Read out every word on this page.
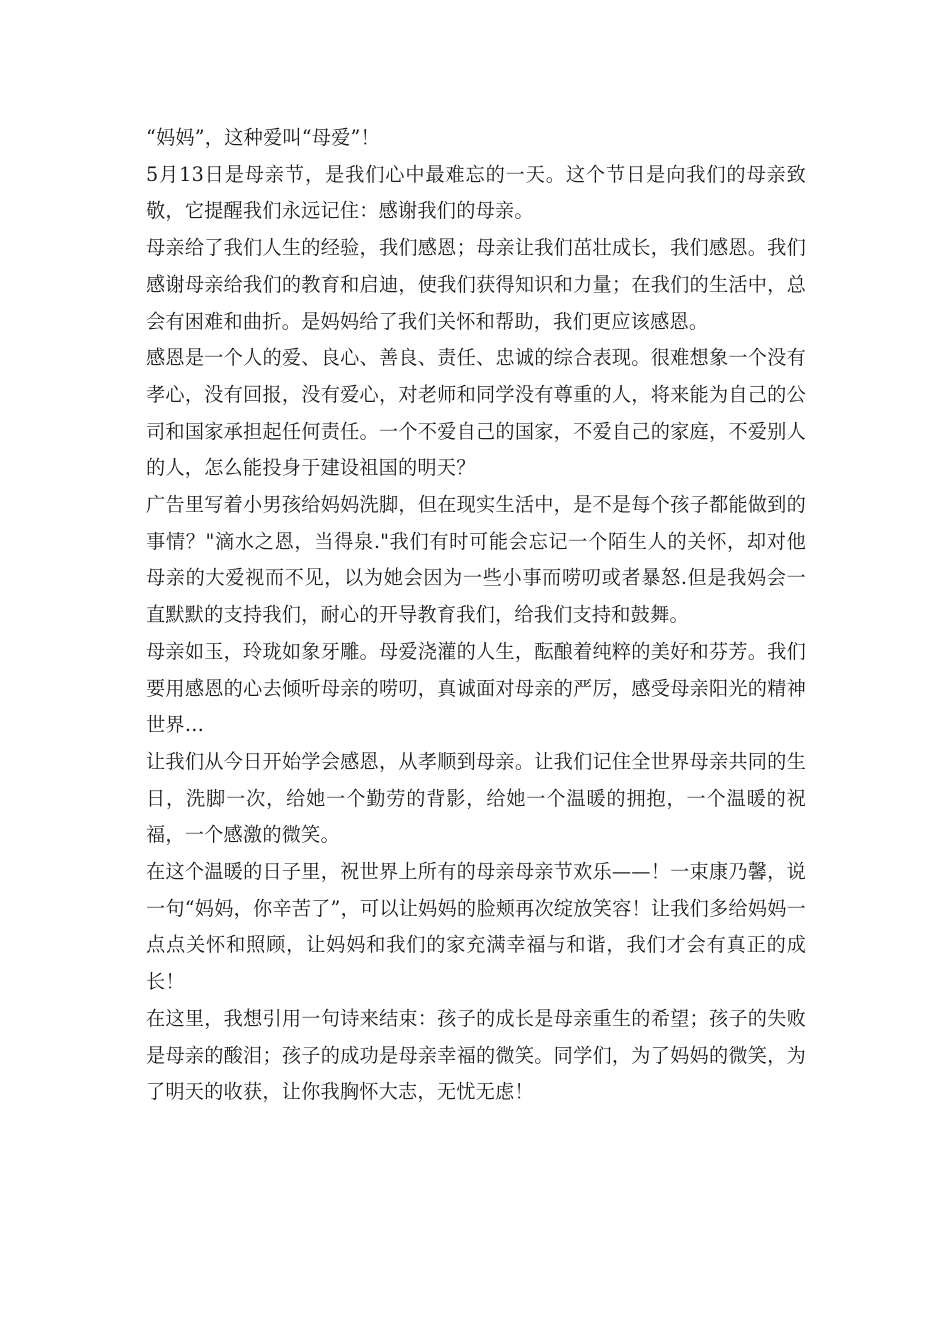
“妈妈”，这种爱叫“母爱”！

5月13日是母亲节，是我们心中最难忘的一天。这个节日是向我们的母亲致敬，它提醒我们永远记住：感谢我们的母亲。

母亲给了我们人生的经验，我们感恩；母亲让我们茁壮成长，我们感恩。我们感谢母亲给我们的教育和启迪，使我们获得知识和力量；在我们的生活中，总会有困难和曲折。是妈妈给了我们关怀和帮助，我们更应该感恩。

感恩是一个人的爱、良心、善良、责任、忠诚的综合表现。很难想象一个没有孝心，没有回报，没有爱心，对老师和同学没有尊重的人，将来能为自己的公司和国家承担起任何责任。一个不爱自己的国家，不爱自己的家庭，不爱别人的人，怎么能投身于建设祖国的明天？

广告里写着小男孩给妈妈洗脚，但在现实生活中，是不是每个孩子都能做到的事情？"滴水之恩，当得泉."我们有时可能会忘记一个陌生人的关怀，却对他母亲的大爱视而不见，以为她会因为一些小事而唠叨或者暴怒.但是我妈会一直默默的支持我们，耐心的开导教育我们，给我们支持和鼓舞。

母亲如玉，玲珑如象牙雕。母爱浇灌的人生，酝酿着纯粹的美好和芬芳。我们要用感恩的心去倾听母亲的唠叨，真诚面对母亲的严厉，感受母亲阳光的精神世界…

让我们从今日开始学会感恩，从孝顺到母亲。让我们记住全世界母亲共同的生日，洗脚一次，给她一个勤劳的背影，给她一个温暖的拥抱，一个温暖的祝福，一个感激的微笑。

在这个温暖的日子里，祝世界上所有的母亲母亲节欢乐——！一束康乃馨，说一句“妈妈，你辛苦了”，可以让妈妈的脸颊再次绽放笑容！让我们多给妈妈一点点关怀和照顾，让妈妈和我们的家充满幸福与和谐，我们才会有真正的成长！

在这里，我想引用一句诗来结束：孩子的成长是母亲重生的希望；孩子的失败是母亲的酸泪；孩子的成功是母亲幸福的微笑。同学们，为了妈妈的微笑，为了明天的收获，让你我胸怀大志，无忧无虑！
